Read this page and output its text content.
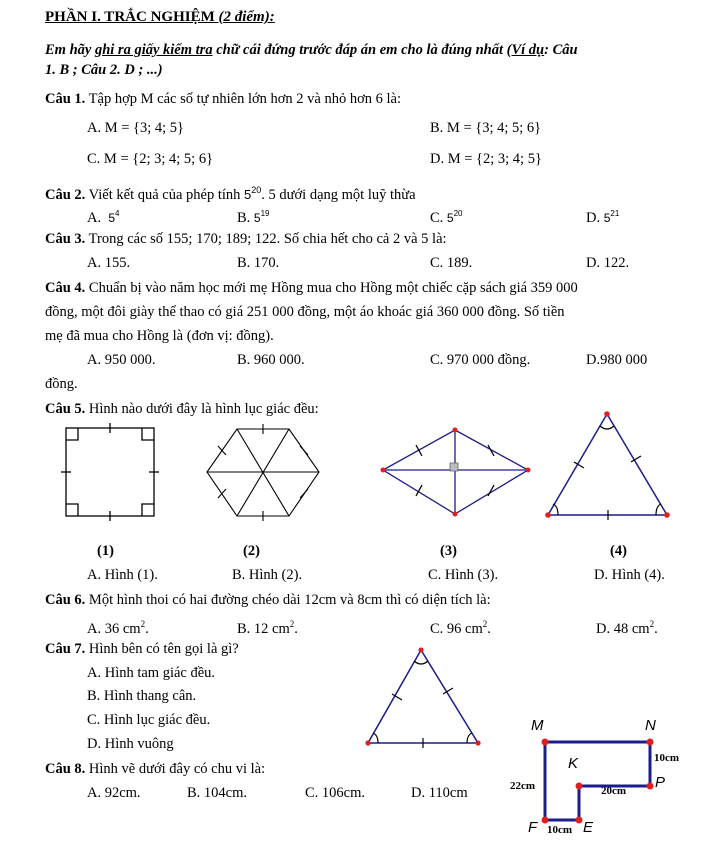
PHẦN I. TRẮC NGHIỆM (2 điểm):
Em hãy ghi ra giấy kiểm tra chữ cái đứng trước đáp án em cho là đúng nhất (Ví dụ: Câu
1. B ; Câu 2. D ; ...)
Câu 1. Tập hợp M các số tự nhiên lớn hơn 2 và nhỏ hơn 6 là:
A. M = {3; 4; 5}	B. M = {3; 4; 5; 6}
C. M = {2; 3; 4; 5; 6}	D. M = {2; 3; 4; 5}
Câu 2. Viết kết quả của phép tính $5^{20}$. 5 dưới dạng một luỹ thừa
A. $5^4$	B. $5^{19}$	C. $5^{20}$	D. $5^{21}$
Câu 3. Trong các số 155; 170; 189; 122. Số chia hết cho cả 2 và 5 là:
A. 155.	B. 170.	C. 189.	D. 122.
Câu 4. Chuẩn bị vào năm học mới mẹ Hồng mua cho Hồng một chiếc cặp sách giá 359 000
đồng, một đôi giày thể thao có giá 251 000 đồng, một áo khoác giá 360 000 đồng. Số tiền
mẹ đã mua cho Hồng là (đơn vị: đồng).
A. 950 000.	B. 960 000.	C. 970 000 đồng.	D.980 000
đồng.
Câu 5. Hình nào dưới đây là hình lục giác đều:
(1)	(2)	(3)	(4)
A. Hình (1).	B. Hình (2).	C. Hình (3).	D. Hình (4).
Câu 6. Một hình thoi có hai đường chéo dài 12cm và 8cm thì có diện tích là:
A. 36 $cm^2$.	B. 12 $cm^2$.	C. 96 $cm^2$.	D. 48 $cm^2$.
Câu 7. Hình bên có tên gọi là gì?
A. Hình tam giác đều.
B. Hình thang cân.
C. Hình lục giác đều.
D. Hình vuông
Câu 8. Hình vẽ dưới đây có chu vi là:
A. 92cm.	B. 104cm.	C. 106cm.	D. 110cm
M	N
K
P
F	E
10cm
22cm	20cm
10cm
